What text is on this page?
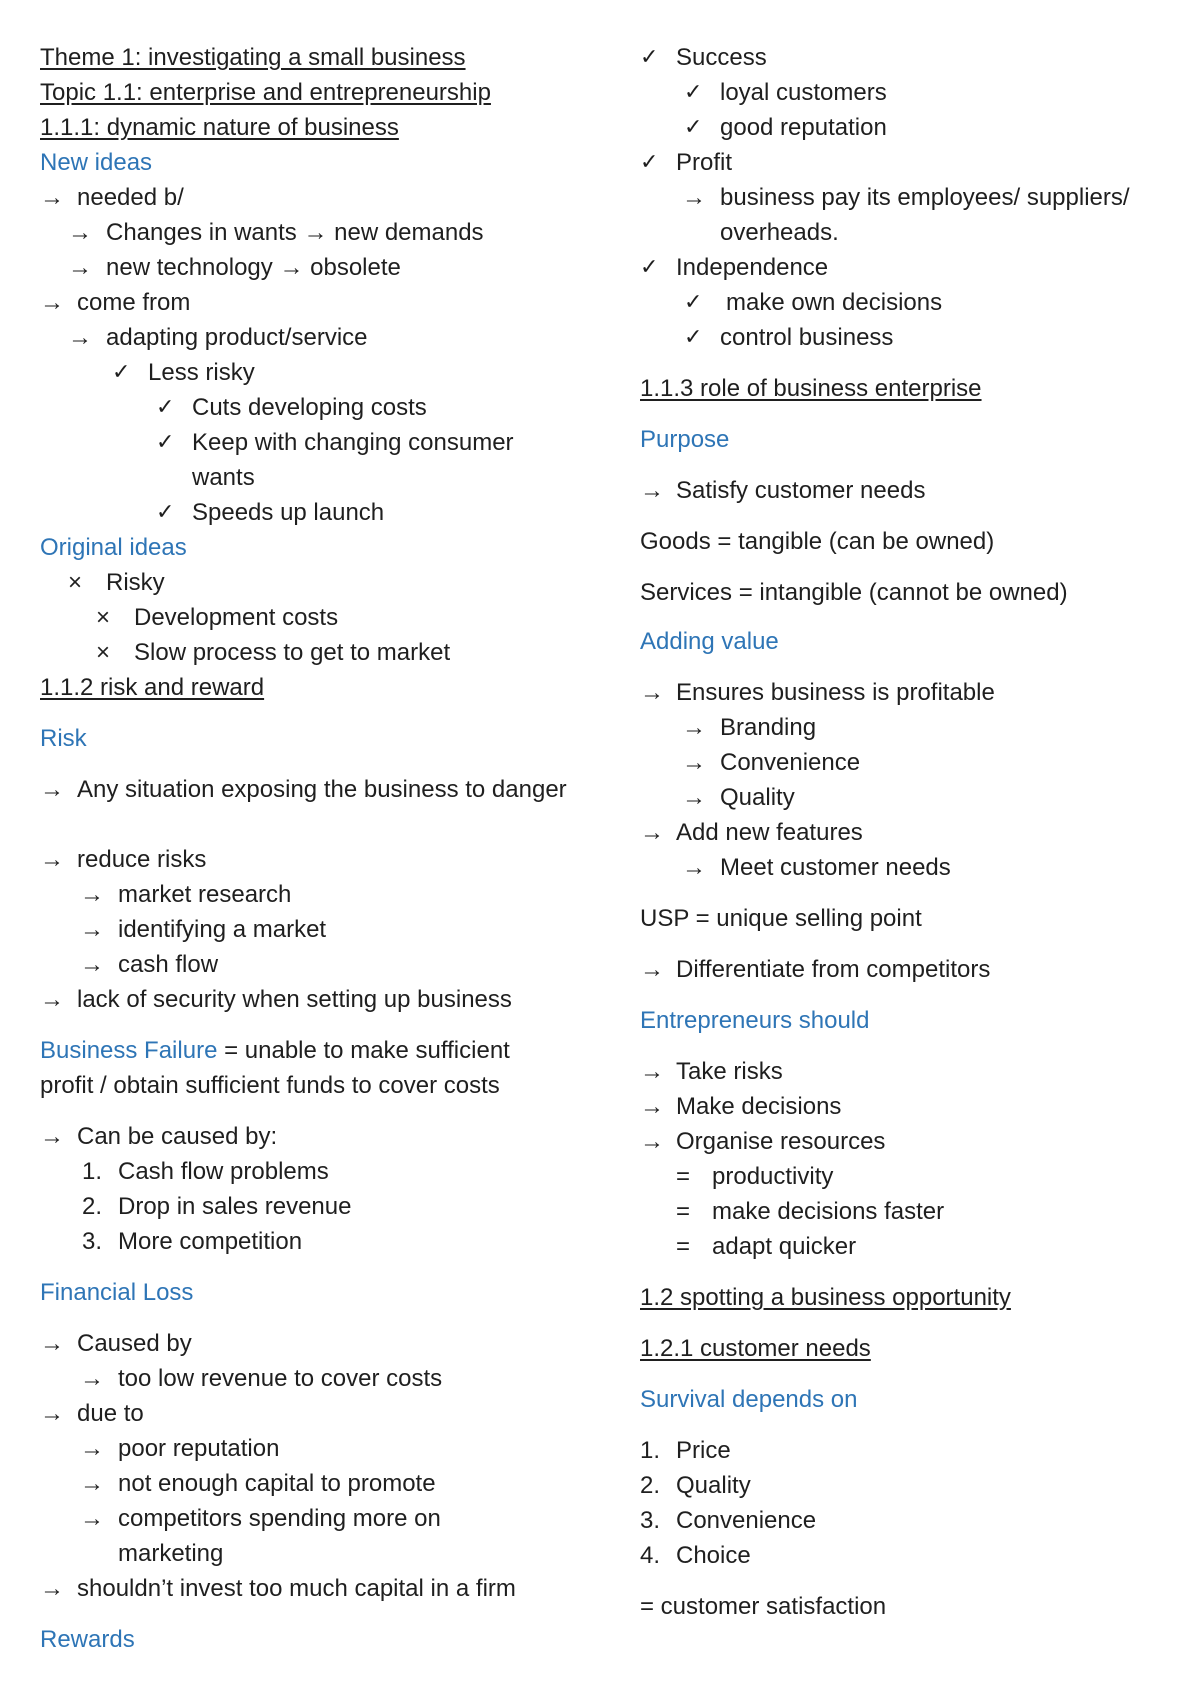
Theme 1: investigating a small business
Topic 1.1: enterprise and entrepreneurship
1.1.1: dynamic nature of business
New ideas
→ needed b/
→ Changes in wants → new demands
→ new technology → obsolete
→ come from
→ adapting product/service
✓ Less risky
✓ Cuts developing costs
✓ Keep with changing consumer wants
✓ Speeds up launch
Original ideas
× Risky
× Development costs
× Slow process to get to market
1.1.2 risk and reward
Risk
→ Any situation exposing the business to danger
→ reduce risks
→ market research
→ identifying a market
→ cash flow
→ lack of security when setting up business
Business Failure = unable to make sufficient
profit / obtain sufficient funds to cover costs
→ Can be caused by:
1. Cash flow problems
2. Drop in sales revenue
3. More competition
Financial Loss
→ Caused by
→ too low revenue to cover costs
→ due to
→ poor reputation
→ not enough capital to promote
→ competitors spending more on marketing
→ shouldn’t invest too much capital in a firm
Rewards
✓ Success
✓ loyal customers
✓ good reputation
✓ Profit
→ business pay its employees/ suppliers/ overheads.
✓ Independence
✓ make own decisions
✓ control business
1.1.3 role of business enterprise
Purpose
→ Satisfy customer needs
Goods = tangible (can be owned)
Services = intangible (cannot be owned)
Adding value
→ Ensures business is profitable
→ Branding
→ Convenience
→ Quality
→ Add new features
→ Meet customer needs
USP = unique selling point
→ Differentiate from competitors
Entrepreneurs should
→ Take risks
→ Make decisions
→ Organise resources
= productivity
= make decisions faster
= adapt quicker
1.2 spotting a business opportunity
1.2.1 customer needs
Survival depends on
1. Price
2. Quality
3. Convenience
4. Choice
= customer satisfaction
